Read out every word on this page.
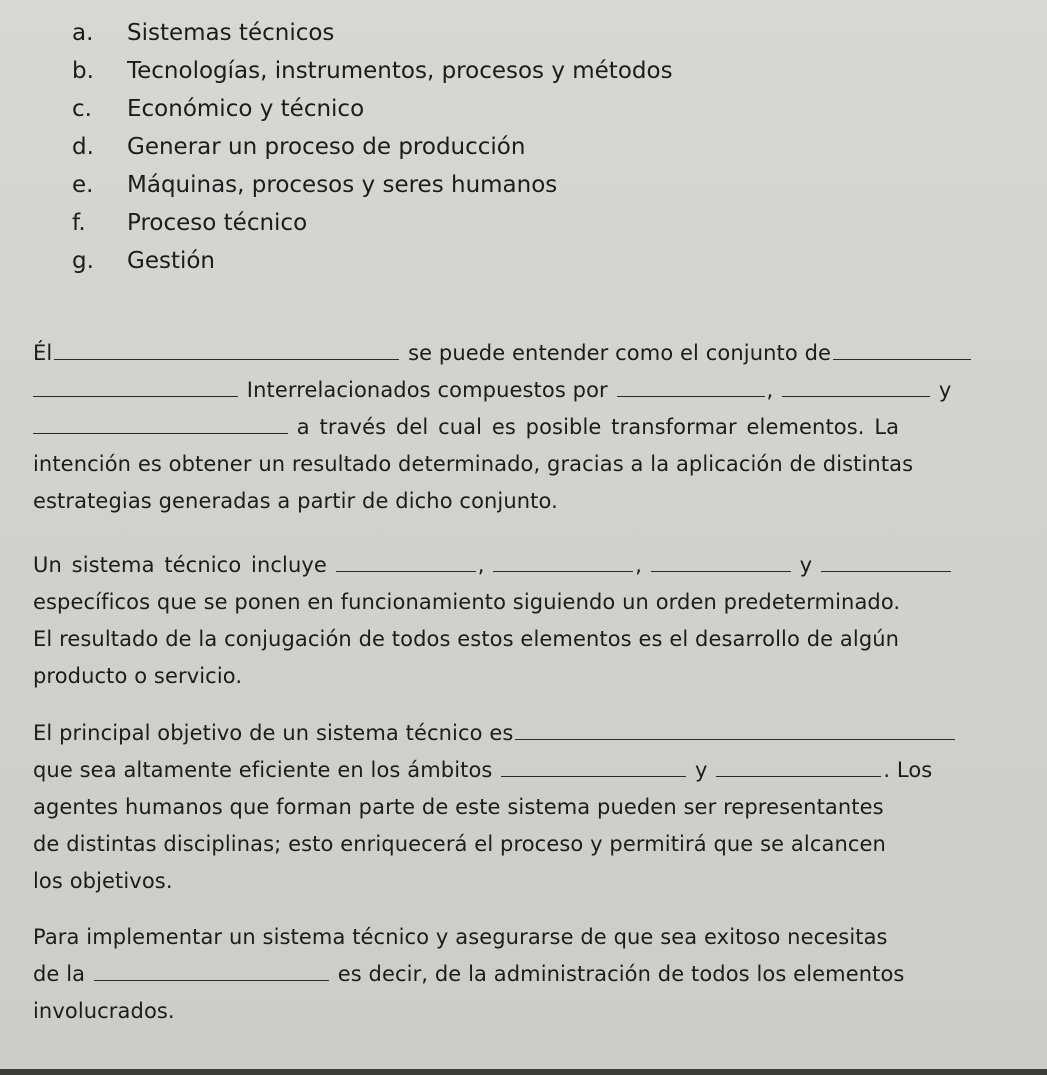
a. Sistemas técnicos
b. Tecnologías, instrumentos, procesos y métodos
c. Económico y técnico
d. Generar un proceso de producción
e. Máquinas, procesos y seres humanos
f. Proceso técnico
g. Gestión
Él	se puede entender como el conjunto de
Interrelacionados compuestos por	,	y
a través del cual es posible transformar elementos. La
intención es obtener un resultado determinado, gracias a la aplicación de distintas
estrategias generadas a partir de dicho conjunto.
Un sistema técnico incluye	,	,	y
específicos que se ponen en funcionamiento siguiendo un orden predeterminado.
El resultado de la conjugación de todos estos elementos es el desarrollo de algún
producto o servicio.
El principal objetivo de un sistema técnico es
que sea altamente eficiente en los ámbitos	y	. Los
agentes humanos que forman parte de este sistema pueden ser representantes
de distintas disciplinas; esto enriquecerá el proceso y permitirá que se alcancen
los objetivos.
Para implementar un sistema técnico y asegurarse de que sea exitoso necesitas
de la	es decir, de la administración de todos los elementos
involucrados.
